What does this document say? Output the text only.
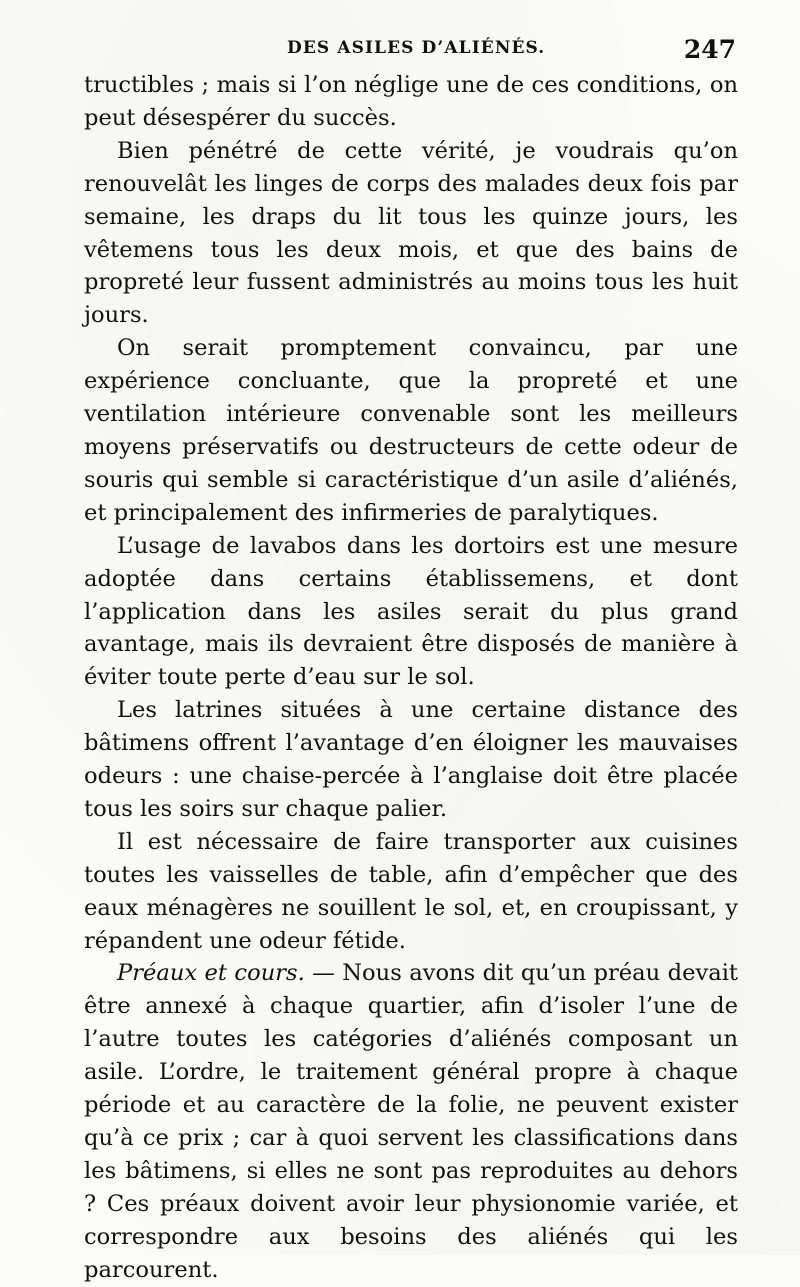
DES ASILES D’ALIÉNÉS.	247

tructibles ; mais si l’on néglige une de ces conditions, on peut désespérer du succès.

Bien pénétré de cette vérité, je voudrais qu’on renouvelât les linges de corps des malades deux fois par semaine, les draps du lit tous les quinze jours, les vêtemens tous les deux mois, et que des bains de propreté leur fussent administrés au moins tous les huit jours.

On serait promptement convaincu, par une expérience concluante, que la propreté et une ventilation intérieure convenable sont les meilleurs moyens préservatifs ou destructeurs de cette odeur de souris qui semble si caractéristique d’un asile d’aliénés, et principalement des infirmeries de paralytiques.

L’usage de lavabos dans les dortoirs est une mesure adoptée dans certains établissemens, et dont l’application dans les asiles serait du plus grand avantage, mais ils devraient être disposés de manière à éviter toute perte d’eau sur le sol.

Les latrines situées à une certaine distance des bâtimens offrent l’avantage d’en éloigner les mauvaises odeurs : une chaise-percée à l’anglaise doit être placée tous les soirs sur chaque palier.

Il est nécessaire de faire transporter aux cuisines toutes les vaisselles de table, afin d’empêcher que des eaux ménagères ne souillent le sol, et, en croupissant, y répandent une odeur fétide.

Préaux et cours. — Nous avons dit qu’un préau devait être annexé à chaque quartier, afin d’isoler l’une de l’autre toutes les catégories d’aliénés composant un asile. L’ordre, le traitement général propre à chaque période et au caractère de la folie, ne peuvent exister qu’à ce prix ; car à quoi servent les classifications dans les bâtimens, si elles ne sont pas reproduites au dehors ? Ces préaux doivent avoir leur physionomie variée, et correspondre aux besoins des aliénés qui les parcourent.
